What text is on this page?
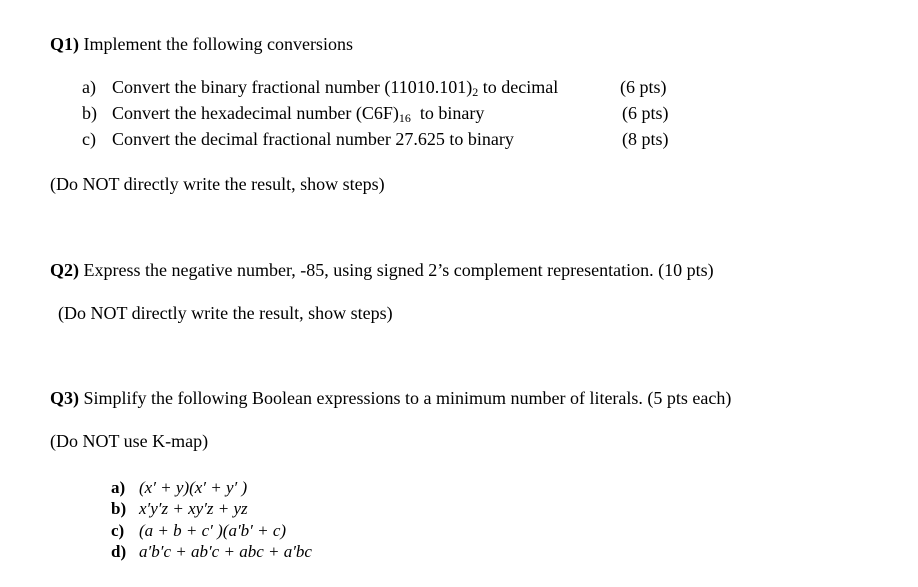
Q1) Implement the following conversions
a) Convert the binary fractional number $(11010.101)_2$ to decimal	(6 pts)
b) Convert the hexadecimal number $(C6F)_{16}$  to binary	(6 pts)
c) Convert the decimal fractional number 27.625 to binary	(8 pts)
(Do NOT directly write the result, show steps)
Q2) Express the negative number, -85, using signed 2’s complement representation. (10 pts)
(Do NOT directly write the result, show steps)
Q3) Simplify the following Boolean expressions to a minimum number of literals. (5 pts each)
(Do NOT use K-map)
a) (x′ + y)(x′ + y′ )
b) x′y′z + xy′z + yz
c) (a + b + c′ )(a′b′ + c)
d) a′b′c + ab′c + abc + a′bc
